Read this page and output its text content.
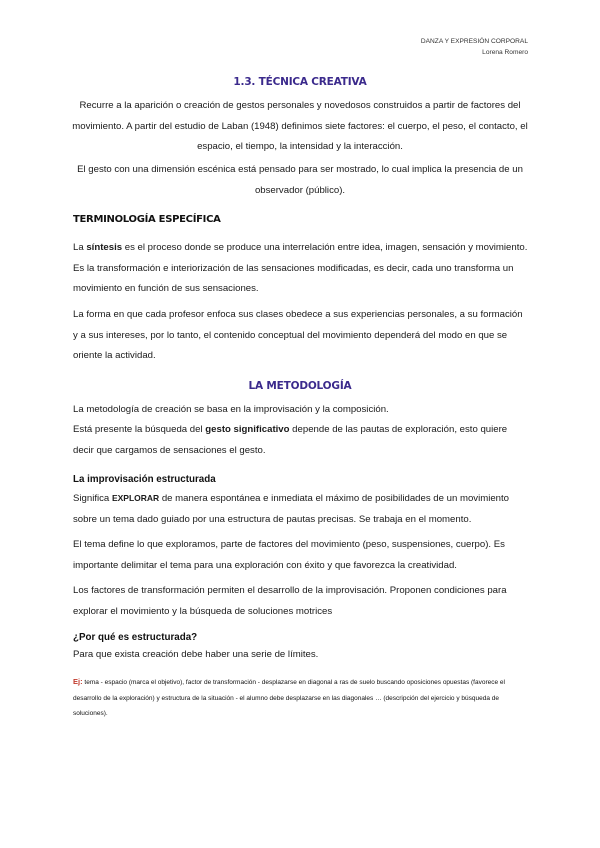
DANZA Y EXPRESIÓN CORPORAL
Lorena Romero
1.3. TÉCNICA CREATIVA
Recurre a la aparición o creación de gestos personales y novedosos construidos a partir de factores del movimiento. A partir del estudio de Laban (1948) definimos siete factores: el cuerpo, el peso, el contacto, el espacio, el tiempo, la intensidad y la interacción.
El gesto con una dimensión escénica está pensado para ser mostrado, lo cual implica la presencia de un observador (público).
TERMINOLOGÍA ESPECÍFICA
La síntesis es el proceso donde se produce una interrelación entre idea, imagen, sensación y movimiento. Es la transformación e interiorización de las sensaciones modificadas, es decir, cada uno transforma un movimiento en función de sus sensaciones.
La forma en que cada profesor enfoca sus clases obedece a sus experiencias personales, a su formación y a sus intereses, por lo tanto, el contenido conceptual del movimiento dependerá del modo en que se oriente la actividad.
LA METODOLOGÍA
La metodología de creación se basa en la improvisación y la composición.
Está presente la búsqueda del gesto significativo depende de las pautas de exploración, esto quiere decir que cargamos de sensaciones el gesto.
La improvisación estructurada
Significa EXPLORAR de manera espontánea e inmediata el máximo de posibilidades de un movimiento sobre un tema dado guiado por una estructura de pautas precisas. Se trabaja en el momento.
El tema define lo que exploramos, parte de factores del movimiento (peso, suspensiones, cuerpo). Es importante delimitar el tema para una exploración con éxito y que favorezca la creatividad.
Los factores de transformación permiten el desarrollo de la improvisación. Proponen condiciones para explorar el movimiento y la búsqueda de soluciones motrices
¿Por qué es estructurada?
Para que exista creación debe haber una serie de límites.
Ej: tema - espacio (marca el objetivo), factor de transformación - desplazarse en diagonal a ras de suelo buscando oposiciones opuestas (favorece el desarrollo de la exploración) y estructura de la situación - el alumno debe desplazarse en las diagonales … (descripción del ejercicio y búsqueda de soluciones).
